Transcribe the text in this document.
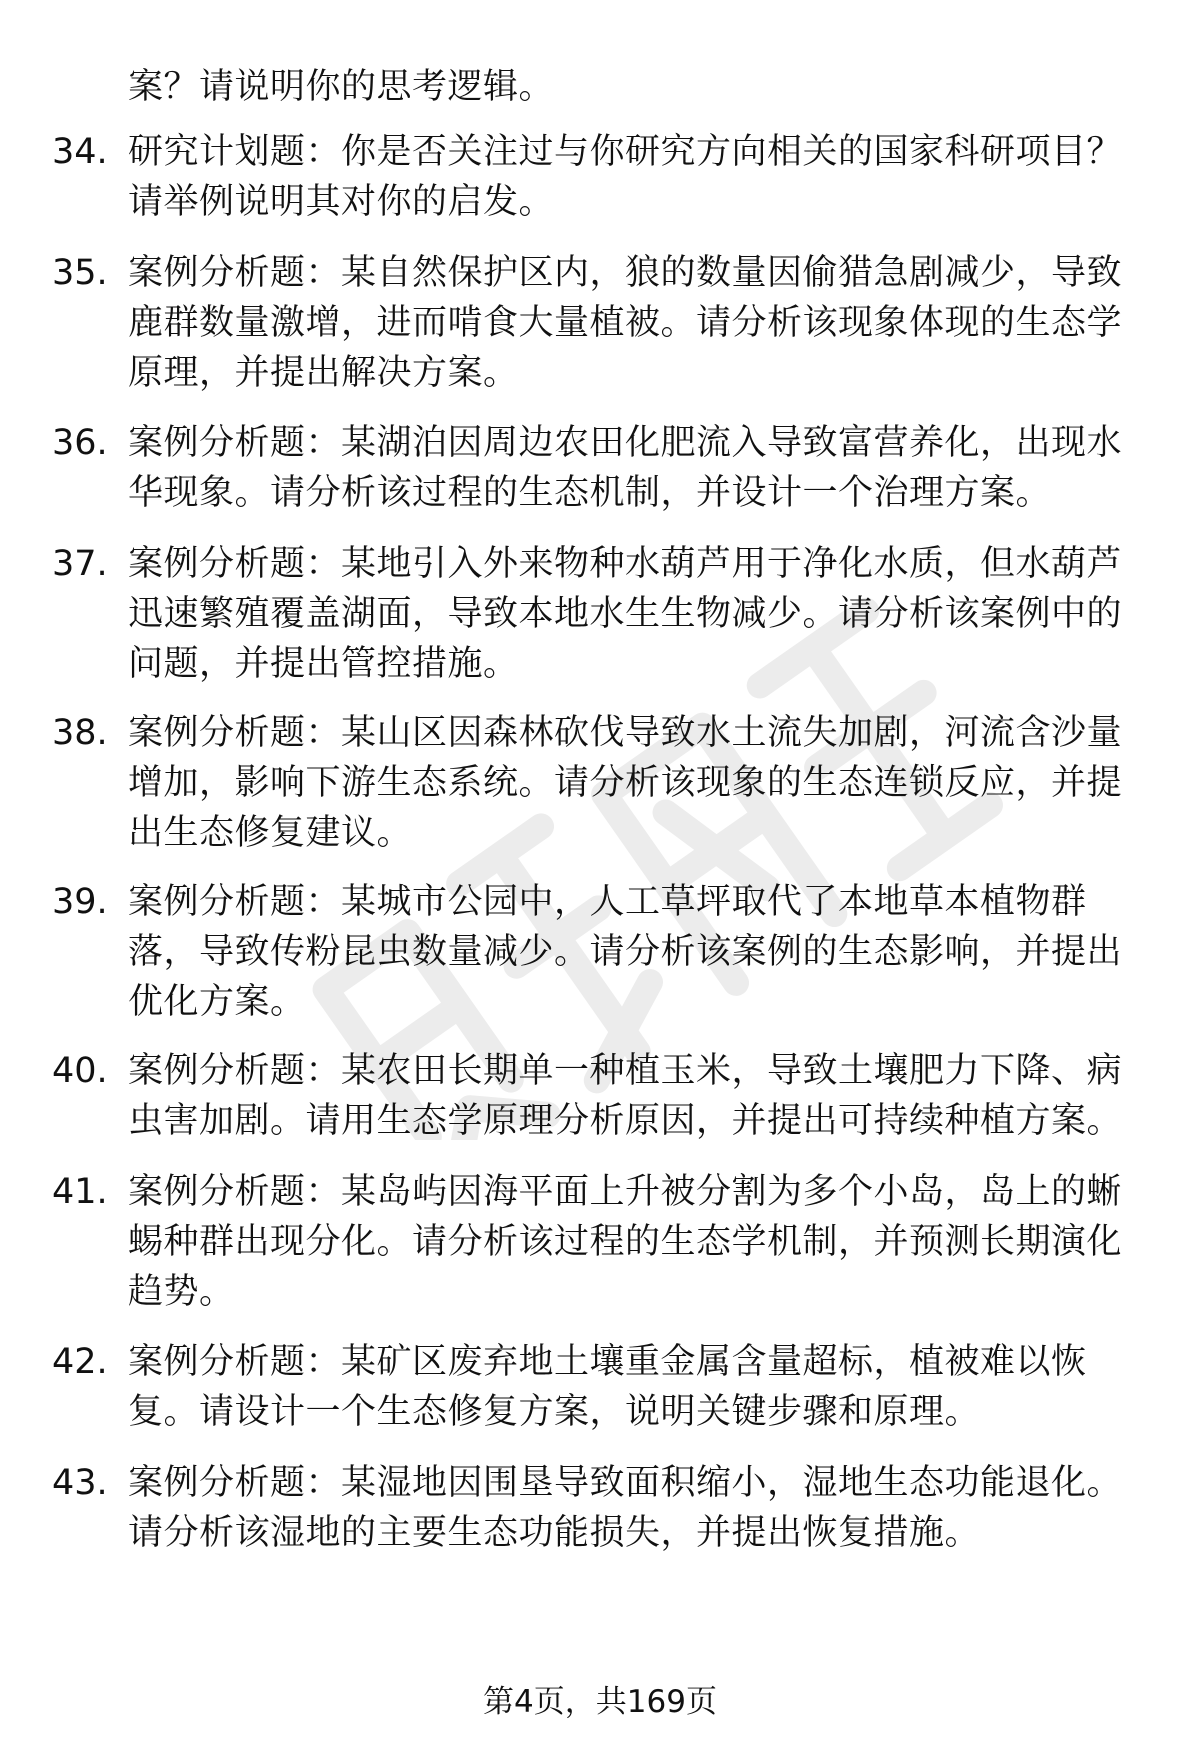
案？请说明你的思考逻辑。
34. 研究计划题：你是否关注过与你研究方向相关的国家科研项目？请举例说明其对你的启发。
35. 案例分析题：某自然保护区内，狼的数量因偷猎急剧减少，导致鹿群数量激增，进而啃食大量植被。请分析该现象体现的生态学原理，并提出解决方案。
36. 案例分析题：某湖泊因周边农田化肥流入导致富营养化，出现水华现象。请分析该过程的生态机制，并设计一个治理方案。
37. 案例分析题：某地引入外来物种水葫芦用于净化水质，但水葫芦迅速繁殖覆盖湖面，导致本地水生生物减少。请分析该案例中的问题，并提出管控措施。
38. 案例分析题：某山区因森林砍伐导致水土流失加剧，河流含沙量增加，影响下游生态系统。请分析该现象的生态连锁反应，并提出生态修复建议。
39. 案例分析题：某城市公园中，人工草坪取代了本地草本植物群落，导致传粉昆虫数量减少。请分析该案例的生态影响，并提出优化方案。
40. 案例分析题：某农田长期单一种植玉米，导致土壤肥力下降、病虫害加剧。请用生态学原理分析原因，并提出可持续种植方案。
41. 案例分析题：某岛屿因海平面上升被分割为多个小岛，岛上的蜥蜴种群出现分化。请分析该过程的生态学机制，并预测长期演化趋势。
42. 案例分析题：某矿区废弃地土壤重金属含量超标，植被难以恢复。请设计一个生态修复方案，说明关键步骤和原理。
43. 案例分析题：某湿地因围垦导致面积缩小，湿地生态功能退化。请分析该湿地的主要生态功能损失，并提出恢复措施。
第4页，共169页
